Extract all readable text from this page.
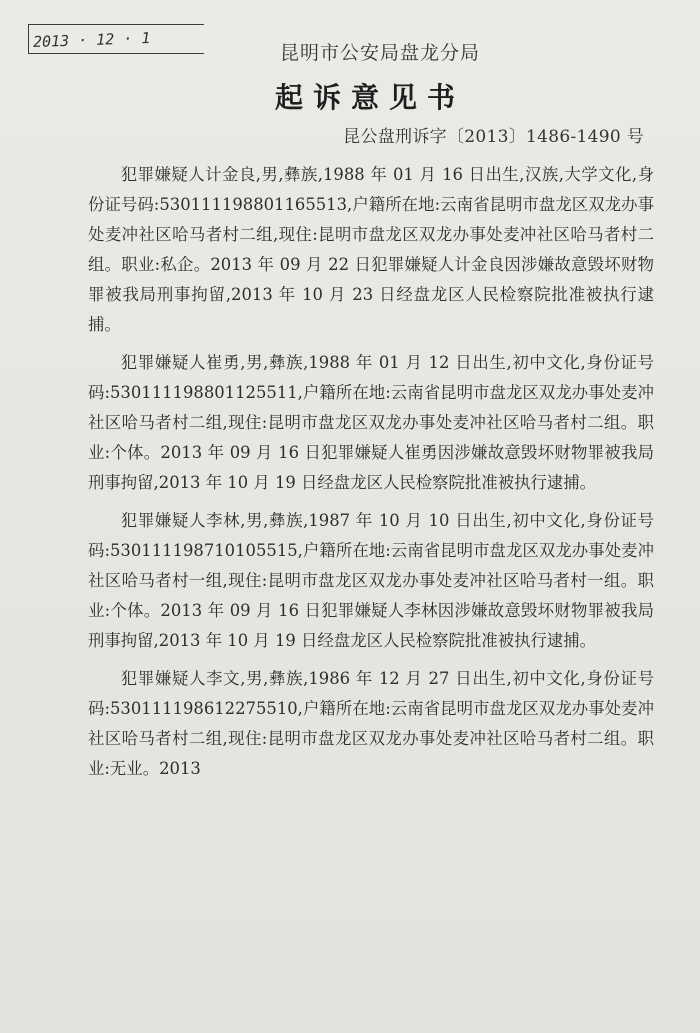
2013 · 12 · 1
昆明市公安局盘龙分局
起诉意见书
昆公盘刑诉字〔2013〕1486-1490 号

犯罪嫌疑人计金良,男,彝族,1988 年 01 月 16 日出生,汉族,大学文化,身份证号码:530111198801165513,户籍所在地:云南省昆明市盘龙区双龙办事处麦冲社区哈马者村二组,现住:昆明市盘龙区双龙办事处麦冲社区哈马者村二组。职业:私企。2013 年 09 月 22 日犯罪嫌疑人计金良因涉嫌故意毁坏财物罪被我局刑事拘留,2013 年 10 月 23 日经盘龙区人民检察院批准被执行逮捕。

犯罪嫌疑人崔勇,男,彝族,1988 年 01 月 12 日出生,初中文化,身份证号码:530111198801125511,户籍所在地:云南省昆明市盘龙区双龙办事处麦冲社区哈马者村二组,现住:昆明市盘龙区双龙办事处麦冲社区哈马者村二组。职业:个体。2013 年 09 月 16 日犯罪嫌疑人崔勇因涉嫌故意毁坏财物罪被我局刑事拘留,2013 年 10 月 19 日经盘龙区人民检察院批准被执行逮捕。

犯罪嫌疑人李林,男,彝族,1987 年 10 月 10 日出生,初中文化,身份证号码:530111198710105515,户籍所在地:云南省昆明市盘龙区双龙办事处麦冲社区哈马者村一组,现住:昆明市盘龙区双龙办事处麦冲社区哈马者村一组。职业:个体。2013 年 09 月 16 日犯罪嫌疑人李林因涉嫌故意毁坏财物罪被我局刑事拘留,2013 年 10 月 19 日经盘龙区人民检察院批准被执行逮捕。

犯罪嫌疑人李文,男,彝族,1986 年 12 月 27 日出生,初中文化,身份证号码:530111198612275510,户籍所在地:云南省昆明市盘龙区双龙办事处麦冲社区哈马者村二组,现住:昆明市盘龙区双龙办事处麦冲社区哈马者村二组。职业:无业。2013
